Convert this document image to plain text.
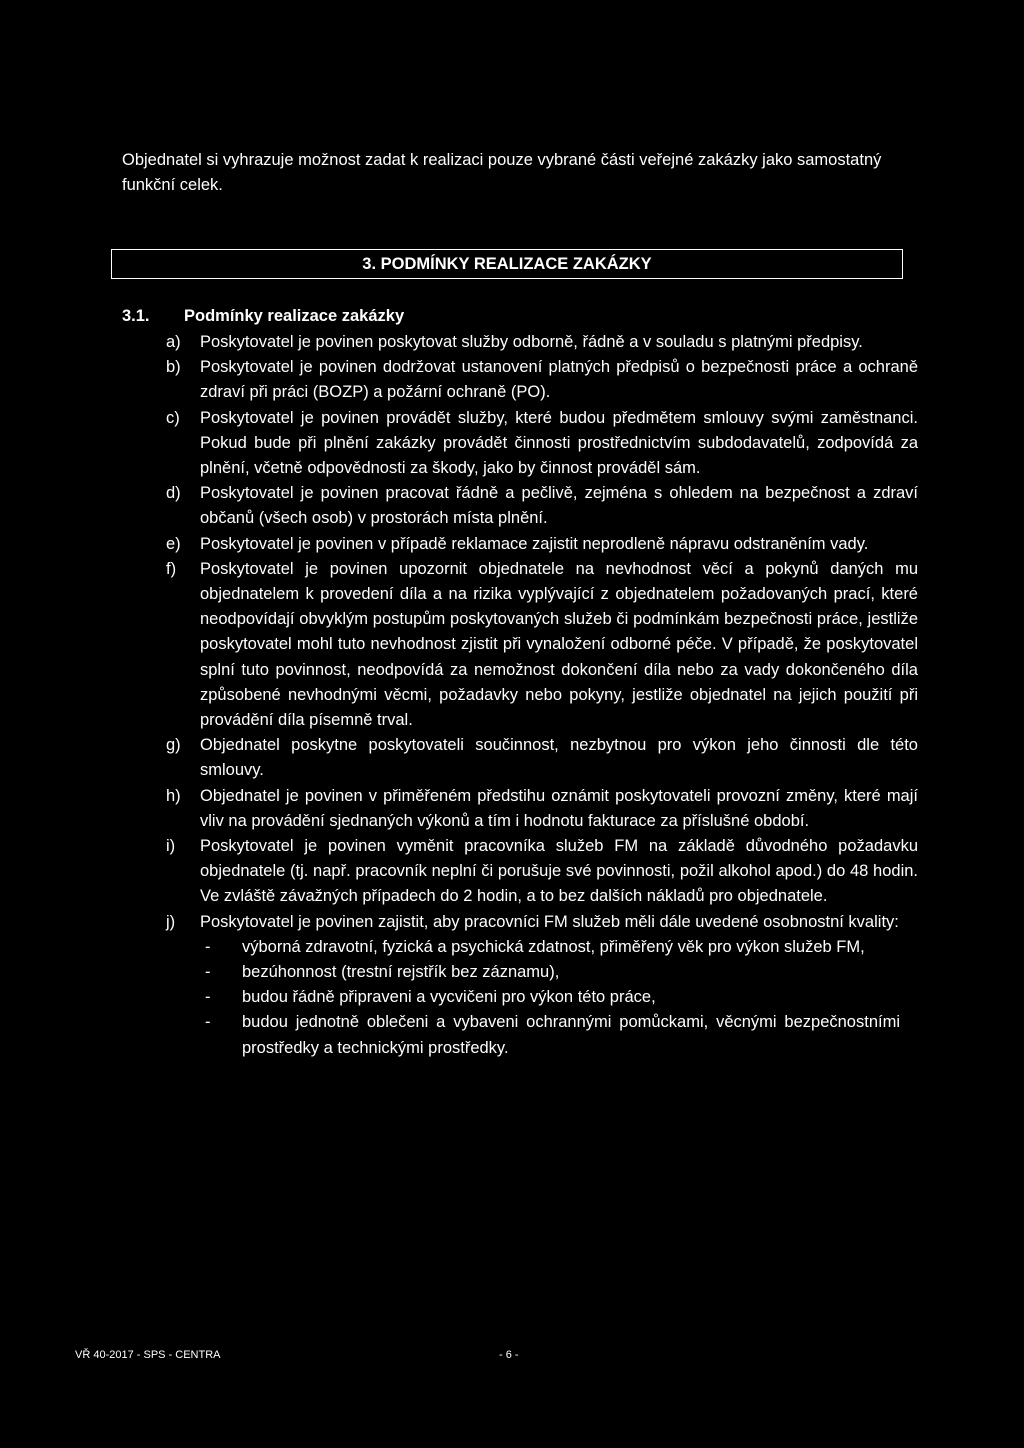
Objednatel si vyhrazuje možnost zadat k realizaci pouze vybrané části veřejné zakázky jako samostatný funkční celek.
3. PODMÍNKY REALIZACE ZAKÁZKY
3.1. Podmínky realizace zakázky
a)	Poskytovatel je povinen poskytovat služby odborně, řádně a v souladu s platnými předpisy.
b)	Poskytovatel je povinen dodržovat ustanovení platných předpisů o bezpečnosti práce a ochraně zdraví při práci (BOZP) a požární ochraně (PO).
c)	Poskytovatel je povinen provádět služby, které budou předmětem smlouvy svými zaměstnanci. Pokud bude při plnění zakázky provádět činnosti prostřednictvím subdodavatelů, zodpovídá za plnění, včetně odpovědnosti za škody, jako by činnost prováděl sám.
d)	Poskytovatel je povinen pracovat řádně a pečlivě, zejména s ohledem na bezpečnost a zdraví občanů (všech osob) v prostorách místa plnění.
e)	Poskytovatel je povinen v případě reklamace zajistit neprodleně nápravu odstraněním vady.
f)	Poskytovatel je povinen upozornit objednatele na nevhodnost věcí a pokynů daných mu objednatelem k provedení díla a na rizika vyplývající z objednatelem požadovaných prací, které neodpovídají obvyklým postupům poskytovaných služeb či podmínkám bezpečnosti práce, jestliže poskytovatel mohl tuto nevhodnost zjistit při vynaložení odborné péče. V případě, že poskytovatel splní tuto povinnost, neodpovídá za nemožnost dokončení díla nebo za vady dokončeného díla způsobené nevhodnými věcmi, požadavky nebo pokyny, jestliže objednatel na jejich použití při provádění díla písemně trval.
g)	Objednatel poskytne poskytovateli součinnost, nezbytnou pro výkon jeho činnosti dle této smlouvy.
h)	Objednatel je povinen v přiměřeném předstihu oznámit poskytovateli provozní změny, které mají vliv na provádění sjednaných výkonů a tím i hodnotu fakturace za příslušné období.
i)	Poskytovatel je povinen vyměnit pracovníka služeb FM na základě důvodného požadavku objednatele (tj. např. pracovník neplní či porušuje své povinnosti, požil alkohol apod.) do 48 hodin. Ve zvláště závažných případech do 2 hodin, a to bez dalších nákladů pro objednatele.
j)	Poskytovatel je povinen zajistit, aby pracovníci FM služeb měli dále uvedené osobnostní kvality:
-	výborná zdravotní, fyzická a psychická zdatnost, přiměřený věk pro výkon služeb FM,
-	bezúhonnost (trestní rejstřík bez záznamu),
-	budou řádně připraveni a vycvičeni pro výkon této práce,
-	budou jednotně oblečeni a vybaveni ochrannými pomůckami, věcnými bezpečnostními prostředky a technickými prostředky.
VŘ 40-2017 - SPS - CENTRA	- 6 -
